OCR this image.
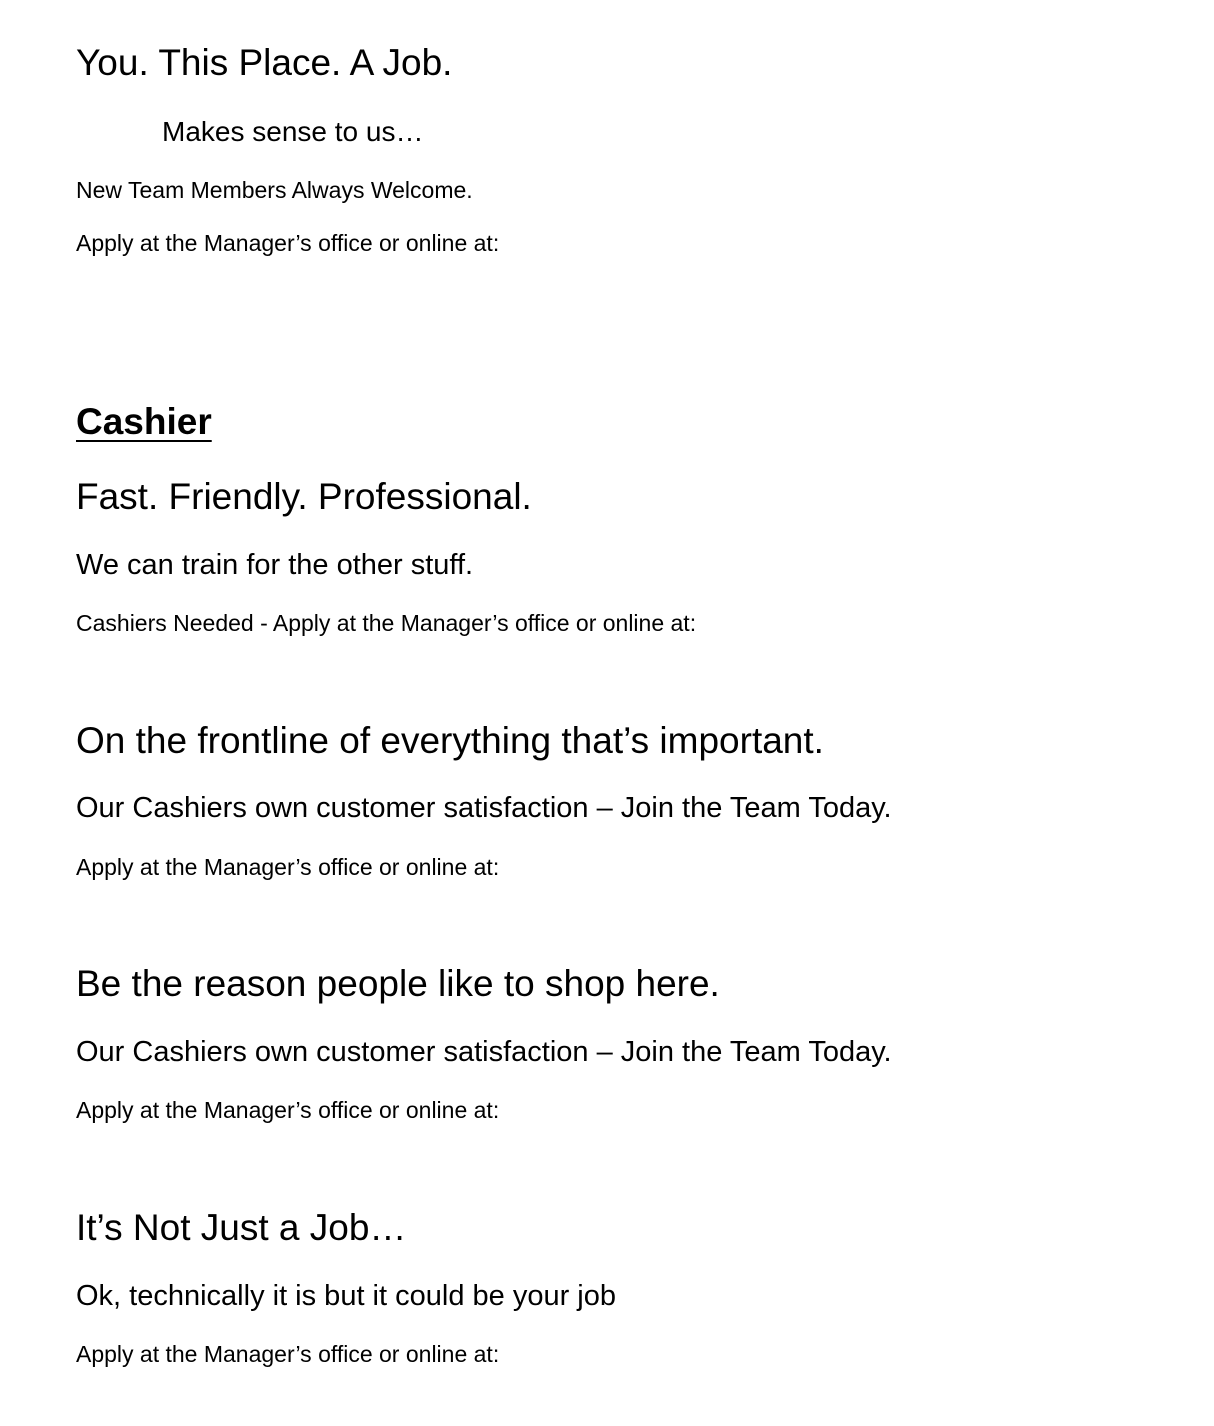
You. This Place. A Job.

Makes sense to us…

New Team Members Always Welcome.

Apply at the Manager’s office or online at:

Cashier

Fast. Friendly. Professional.

We can train for the other stuff.

Cashiers Needed - Apply at the Manager’s office or online at:

On the frontline of everything that’s important.

Our Cashiers own customer satisfaction – Join the Team Today.

Apply at the Manager’s office or online at:

Be the reason people like to shop here.

Our Cashiers own customer satisfaction – Join the Team Today.

Apply at the Manager’s office or online at:

It’s Not Just a Job…

Ok, technically it is but it could be your job

Apply at the Manager’s office or online at:
